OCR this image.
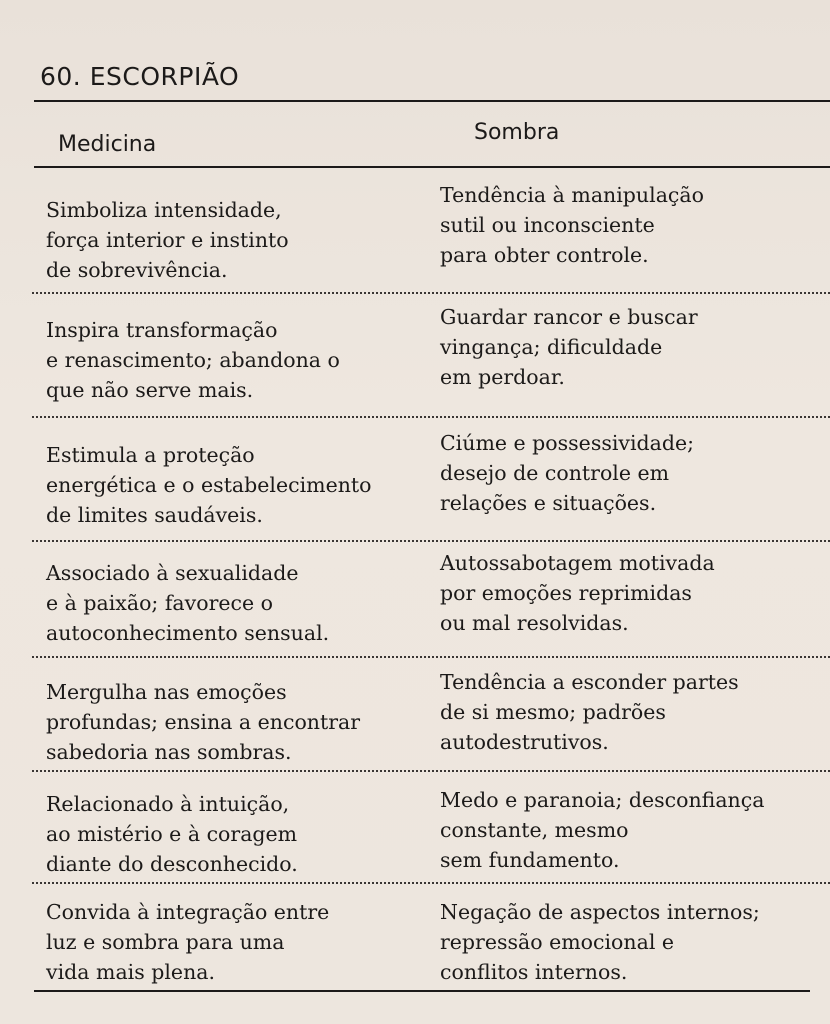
60. ESCORPIÃO
Medicina	Sombra
Simboliza intensidade,
força interior e instinto
de sobrevivência.
Tendência à manipulação
sutil ou inconsciente
para obter controle.
Inspira transformação
e renascimento; abandona o
que não serve mais.
Guardar rancor e buscar
vingança; dificuldade
em perdoar.
Estimula a proteção
energética e o estabelecimento
de limites saudáveis.
Ciúme e possessividade;
desejo de controle em
relações e situações.
Associado à sexualidade
e à paixão; favorece o
autoconhecimento sensual.
Autossabotagem motivada
por emoções reprimidas
ou mal resolvidas.
Mergulha nas emoções
profundas; ensina a encontrar
sabedoria nas sombras.
Tendência a esconder partes
de si mesmo; padrões
autodestrutivos.
Relacionado à intuição,
ao mistério e à coragem
diante do desconhecido.
Medo e paranoia; desconfiança
constante, mesmo
sem fundamento.
Convida à integração entre
luz e sombra para uma
vida mais plena.
Negação de aspectos internos;
repressão emocional e
conflitos internos.
